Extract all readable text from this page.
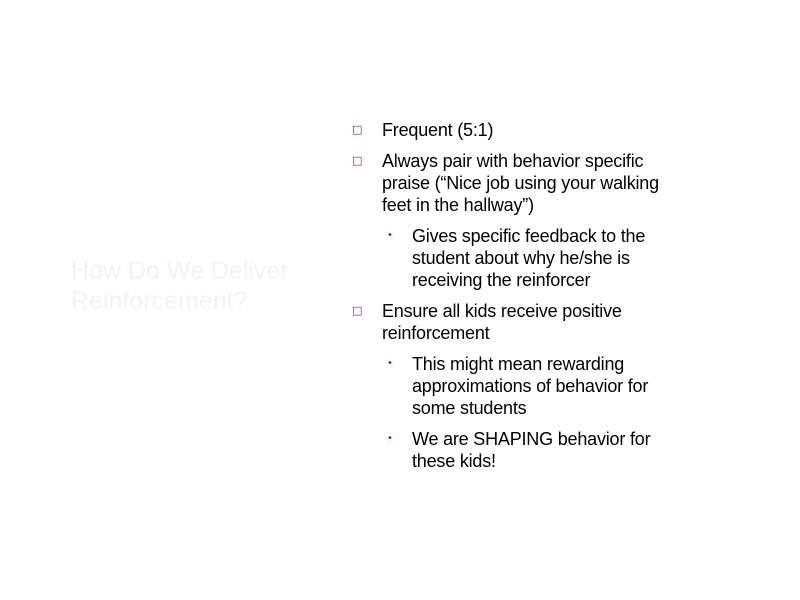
How Do We Deliver Reinforcement?
□ Frequent (5:1)
□ Always pair with behavior specific praise (“Nice job using your walking feet in the hallway”)
• Gives specific feedback to the student about why he/she is receiving the reinforcer
□ Ensure all kids receive positive reinforcement
• This might mean rewarding approximations of behavior for some students
• We are SHAPING behavior for these kids!
